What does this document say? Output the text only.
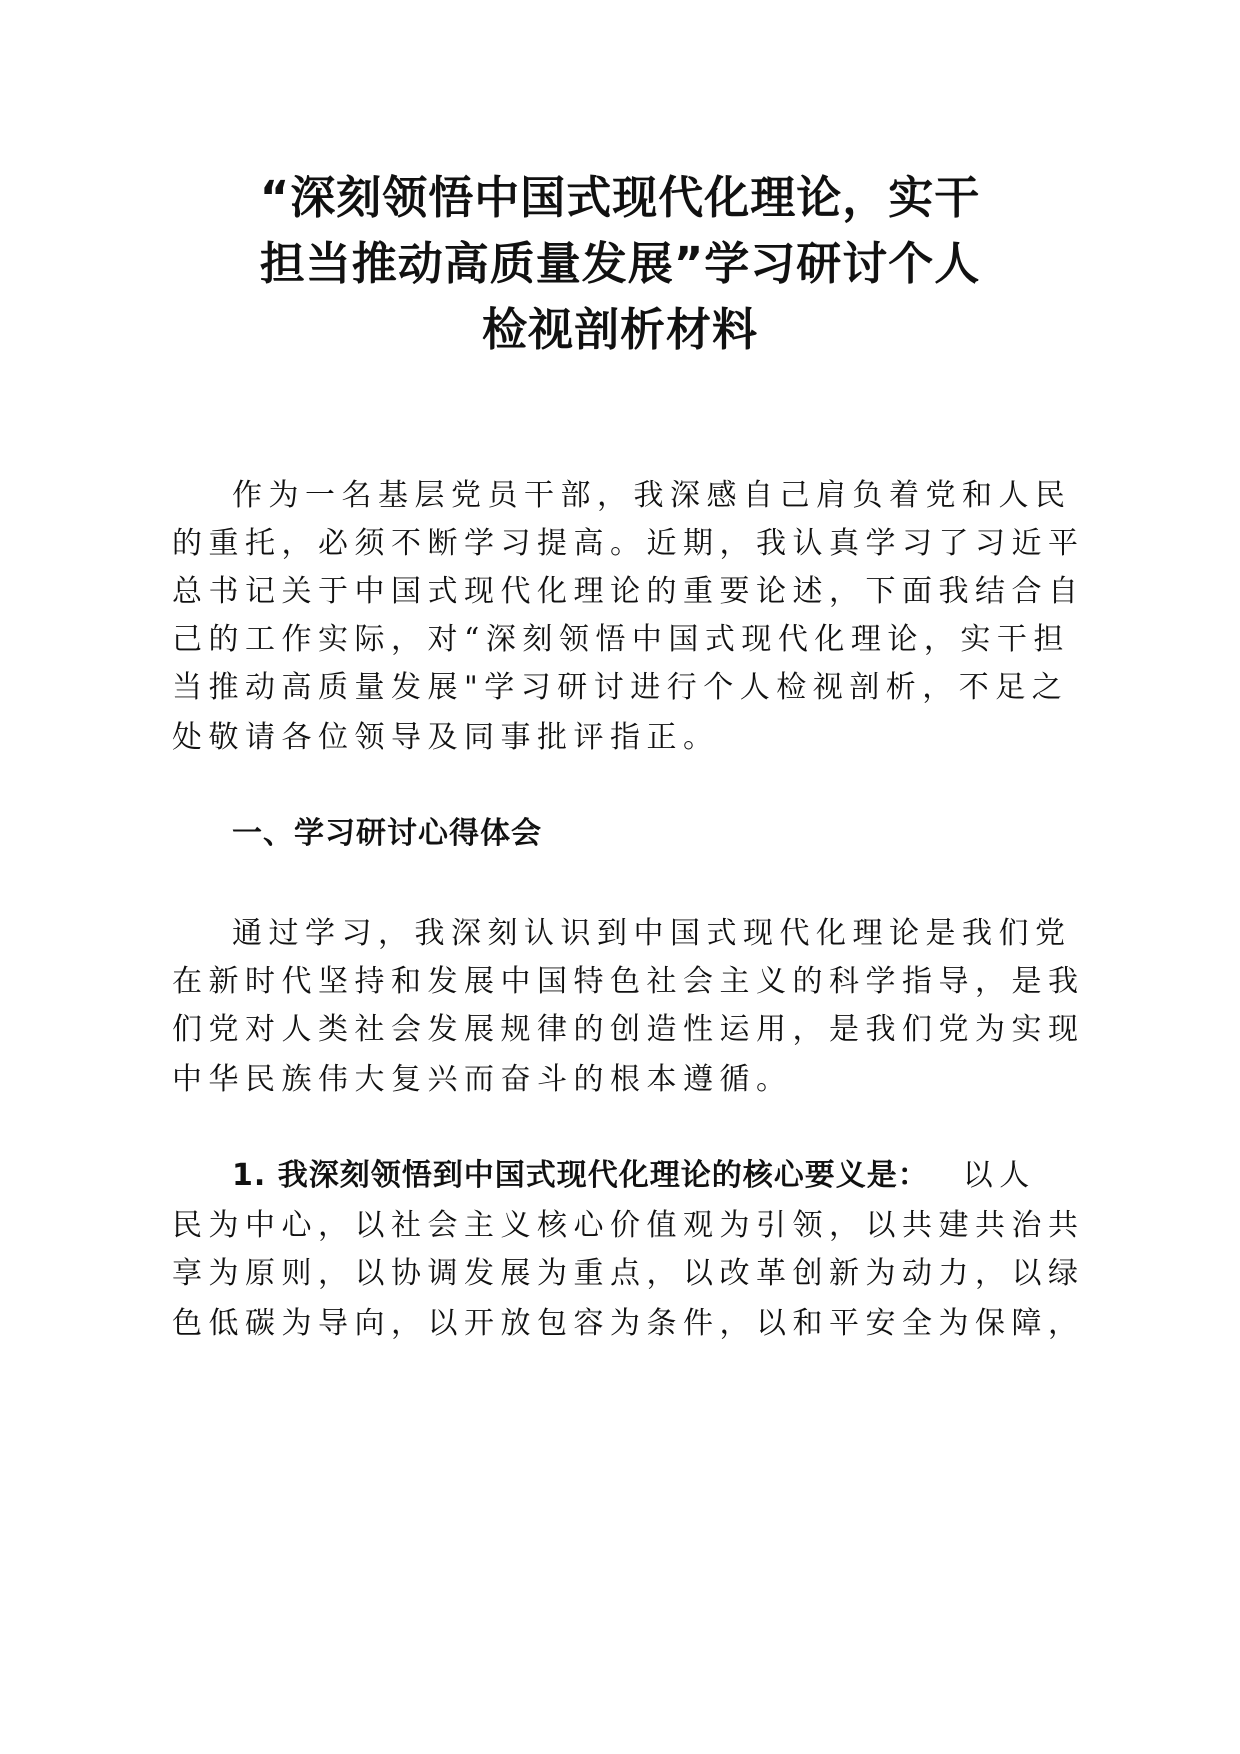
“深刻领悟中国式现代化理论，实干
担当推动高质量发展”学习研讨个人
检视剖析材料
作为一名基层党员干部，我深感自己肩负着党和人民
的重托，必须不断学习提高。近期，我认真学习了习近平
总书记关于中国式现代化理论的重要论述，下面我结合自
己的工作实际，对“深刻领悟中国式现代化理论，实干担
当推动高质量发展"学习研讨进行个人检视剖析，不足之
处敬请各位领导及同事批评指正。
一、学习研讨心得体会
通过学习，我深刻认识到中国式现代化理论是我们党
在新时代坚持和发展中国特色社会主义的科学指导，是我
们党对人类社会发展规律的创造性运用，是我们党为实现
中华民族伟大复兴而奋斗的根本遵循。
1. 我深刻领悟到中国式现代化理论的核心要义是： 以人
民为中心，以社会主义核心价值观为引领，以共建共治共
享为原则，以协调发展为重点，以改革创新为动力，以绿
色低碳为导向，以开放包容为条件，以和平安全为保障，
